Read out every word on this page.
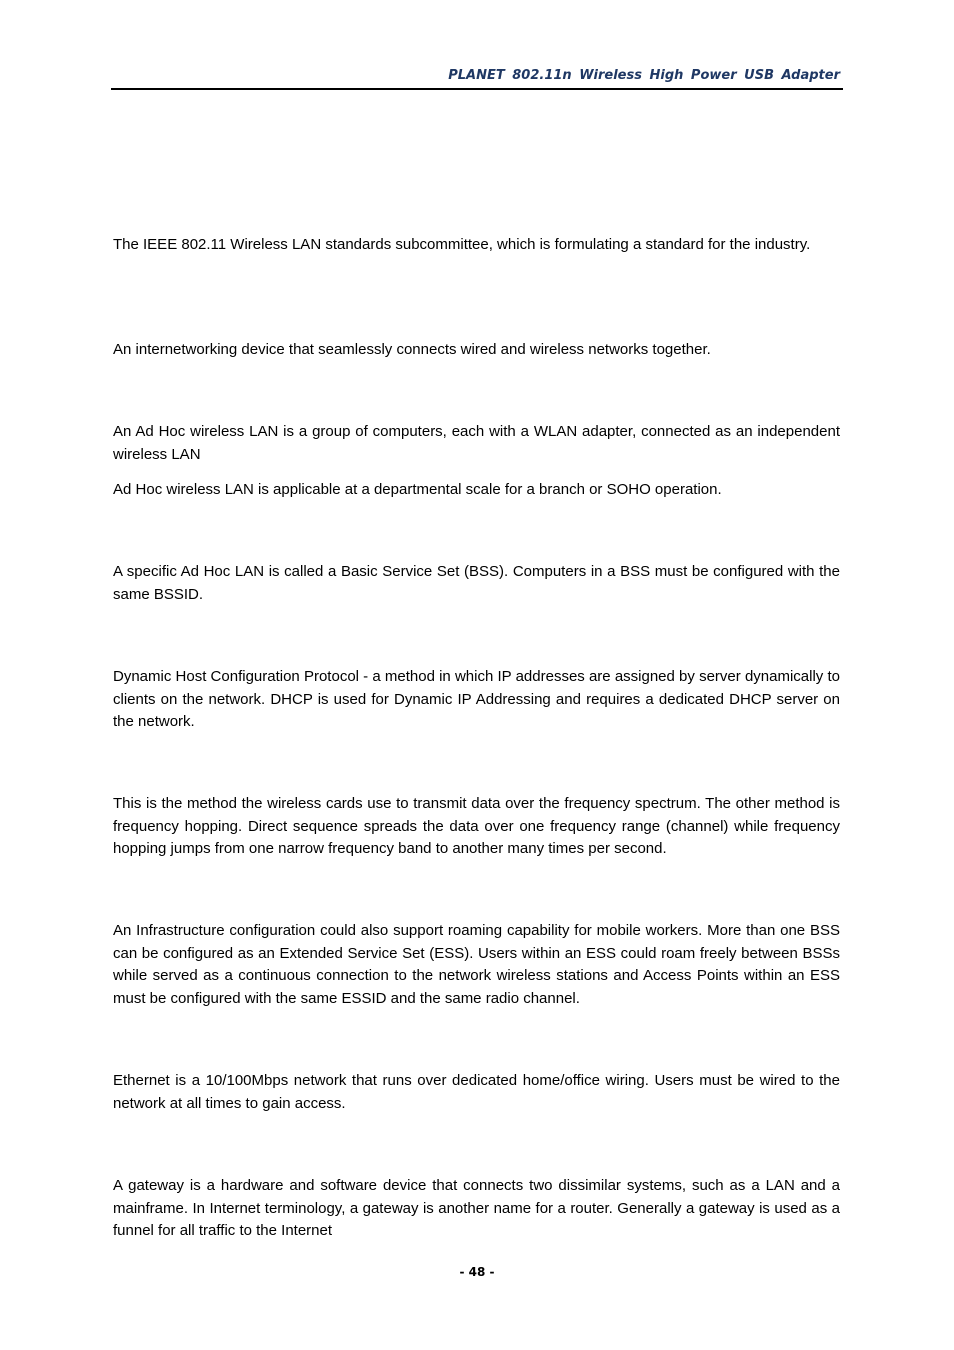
PLANET 802.11n Wireless High Power USB Adapter

The IEEE 802.11 Wireless LAN standards subcommittee, which is formulating a standard for the industry.

An internetworking device that seamlessly connects wired and wireless networks together.

An Ad Hoc wireless LAN is a group of computers, each with a WLAN adapter, connected as an independent wireless LAN

Ad Hoc wireless LAN is applicable at a departmental scale for a branch or SOHO operation.

A specific Ad Hoc LAN is called a Basic Service Set (BSS). Computers in a BSS must be configured with the same BSSID.

Dynamic Host Configuration Protocol - a method in which IP addresses are assigned by server dynamically to clients on the network. DHCP is used for Dynamic IP Addressing and requires a dedicated DHCP server on the network.

This is the method the wireless cards use to transmit data over the frequency spectrum. The other method is frequency hopping. Direct sequence spreads the data over one frequency range (channel) while frequency hopping jumps from one narrow frequency band to another many times per second.

An Infrastructure configuration could also support roaming capability for mobile workers. More than one BSS can be configured as an Extended Service Set (ESS). Users within an ESS could roam freely between BSSs while served as a continuous connection to the network wireless stations and Access Points within an ESS must be configured with the same ESSID and the same radio channel.

Ethernet is a 10/100Mbps network that runs over dedicated home/office wiring. Users must be wired to the network at all times to gain access.

A gateway is a hardware and software device that connects two dissimilar systems, such as a LAN and a mainframe. In Internet terminology, a gateway is another name for a router. Generally a gateway is used as a funnel for all traffic to the Internet

- 48 -
